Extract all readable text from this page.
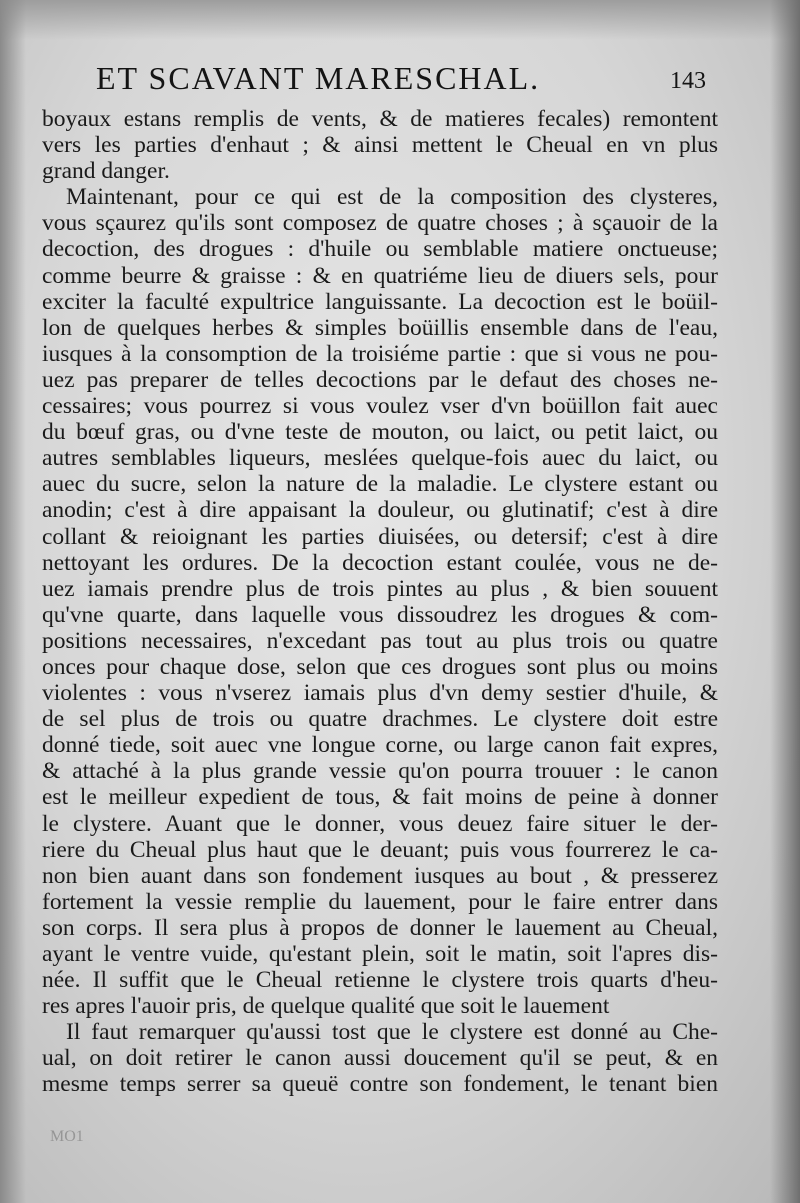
ET SCAVANT MARESCHAL.	143
boyaux estans remplis de vents, & de matieres fecales) remontent
vers les parties d'enhaut ; & ainsi mettent le Cheual en vn plus
grand danger.
Maintenant, pour ce qui est de la composition des clysteres,
vous sçaurez qu'ils sont composez de quatre choses ; à sçauoir de la
decoction, des drogues : d'huile ou semblable matiere onctueuse;
comme beurre & graisse : & en quatriéme lieu de diuers sels, pour
exciter la faculté expultrice languissante. La decoction est le boüil-
lon de quelques herbes & simples boüillis ensemble dans de l'eau,
iusques à la consomption de la troisiéme partie : que si vous ne pou-
uez pas preparer de telles decoctions par le defaut des choses ne-
cessaires; vous pourrez si vous voulez vser d'vn boüillon fait auec
du bœuf gras, ou d'vne teste de mouton, ou laict, ou petit laict, ou
autres semblables liqueurs, meslées quelque-fois auec du laict, ou
auec du sucre, selon la nature de la maladie. Le clystere estant ou
anodin; c'est à dire appaisant la douleur, ou glutinatif; c'est à dire
collant & reioignant les parties diuisées, ou detersif; c'est à dire
nettoyant les ordures. De la decoction estant coulée, vous ne de-
uez iamais prendre plus de trois pintes au plus , & bien souuent
qu'vne quarte, dans laquelle vous dissoudrez les drogues & com-
positions necessaires, n'excedant pas tout au plus trois ou quatre
onces pour chaque dose, selon que ces drogues sont plus ou moins
violentes : vous n'vserez iamais plus d'vn demy sestier d'huile, &
de sel plus de trois ou quatre drachmes. Le clystere doit estre
donné tiede, soit auec vne longue corne, ou large canon fait expres,
& attaché à la plus grande vessie qu'on pourra trouuer : le canon
est le meilleur expedient de tous, & fait moins de peine à donner
le clystere. Auant que le donner, vous deuez faire situer le der-
riere du Cheual plus haut que le deuant; puis vous fourrerez le ca-
non bien auant dans son fondement iusques au bout , & presserez
fortement la vessie remplie du lauement, pour le faire entrer dans
son corps. Il sera plus à propos de donner le lauement au Cheual,
ayant le ventre vuide, qu'estant plein, soit le matin, soit l'apres dis-
née. Il suffit que le Cheual retienne le clystere trois quarts d'heu-
res apres l'auoir pris, de quelque qualité que soit le lauement
Il faut remarquer qu'aussi tost que le clystere est donné au Che-
ual, on doit retirer le canon aussi doucement qu'il se peut, & en
mesme temps serrer sa queuë contre son fondement, le tenant bien
MO1
